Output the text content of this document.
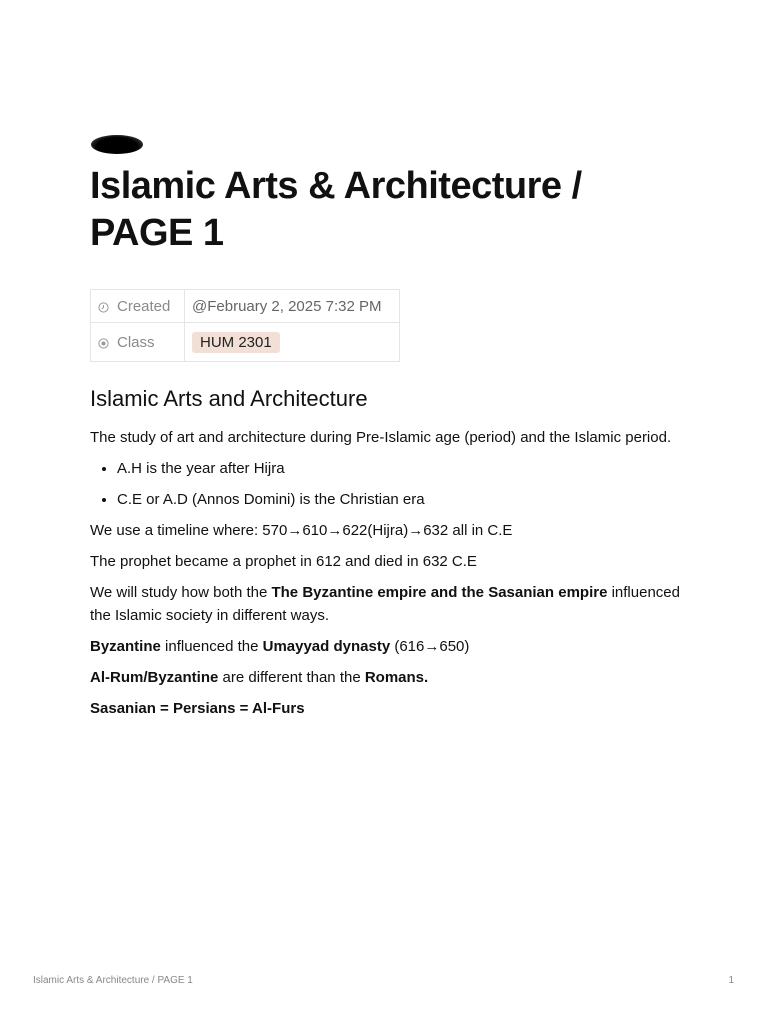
Islamic Arts & Architecture / PAGE 1
Created	@February 2, 2025 7:32 PM
Class	HUM 2301
Islamic Arts and Architecture

The study of art and architecture during Pre-Islamic age (period) and the Islamic period.

• A.H is the year after Hijra
• C.E or A.D (Annos Domini) is the Christian era

We use a timeline where: 570→610→622(Hijra)→632 all in C.E

The prophet became a prophet in 612 and died in 632 C.E

We will study how both the The Byzantine empire and the Sasanian empire influenced the Islamic society in different ways.

Byzantine influenced the Umayyad dynasty (616→650)

Al-Rum/Byzantine are different than the Romans.

Sasanian = Persians = Al-Furs

Islamic Arts & Architecture / PAGE 1	1
